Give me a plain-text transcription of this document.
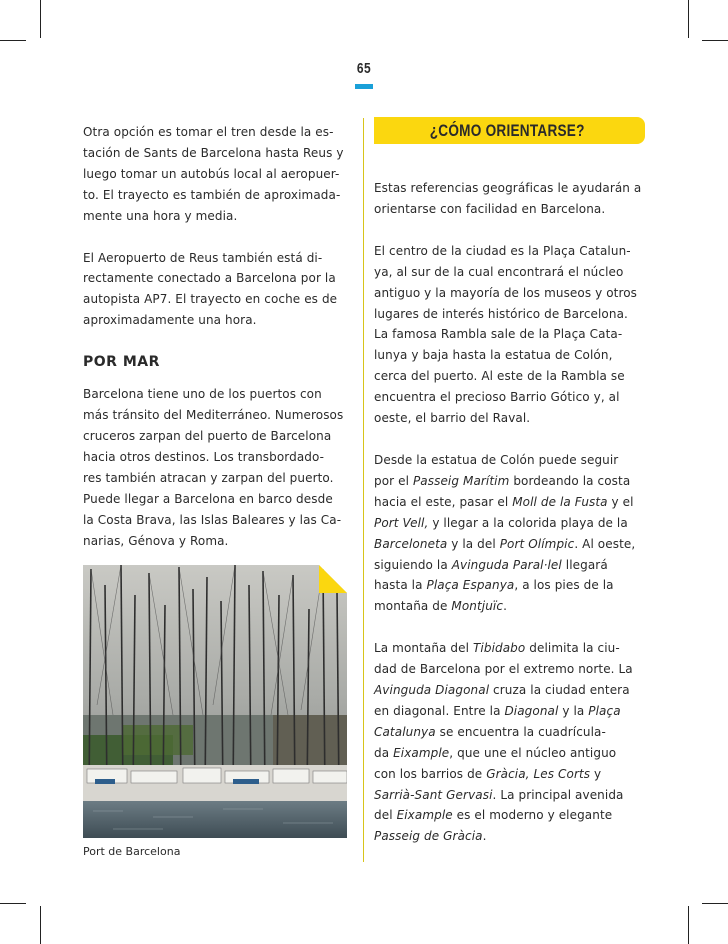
65

Otra opción es tomar el tren desde la es-
tación de Sants de Barcelona hasta Reus y
luego tomar un autobús local al aeropuer-
to. El trayecto es también de aproximada-
mente una hora y media.

El Aeropuerto de Reus también está di-
rectamente conectado a Barcelona por la
autopista AP7. El trayecto en coche es de
aproximadamente una hora.

POR MAR

Barcelona tiene uno de los puertos con
más tránsito del Mediterráneo. Numerosos
cruceros zarpan del puerto de Barcelona
hacia otros destinos. Los transbordado-
res también atracan y zarpan del puerto.
Puede llegar a Barcelona en barco desde
la Costa Brava, las Islas Baleares y las Ca-
narias, Génova y Roma.

Port de Barcelona
¿CÓMO ORIENTARSE?

Estas referencias geográficas le ayudarán a
orientarse con facilidad en Barcelona.

El centro de la ciudad es la Plaça Catalun-
ya, al sur de la cual encontrará el núcleo
antiguo y la mayoría de los museos y otros
lugares de interés histórico de Barcelona.
La famosa Rambla sale de la Plaça Cata-
lunya y baja hasta la estatua de Colón,
cerca del puerto. Al este de la Rambla se
encuentra el precioso Barrio Gótico y, al
oeste, el barrio del Raval.

Desde la estatua de Colón puede seguir
por el Passeig Marítim bordeando la costa
hacia el este, pasar el Moll de la Fusta y el
Port Vell, y llegar a la colorida playa de la
Barceloneta y la del Port Olímpic. Al oeste,
siguiendo la Avinguda Paral·lel llegará
hasta la Plaça Espanya, a los pies de la
montaña de Montjuïc.

La montaña del Tibidabo delimita la ciu-
dad de Barcelona por el extremo norte. La
Avinguda Diagonal cruza la ciudad entera
en diagonal. Entre la Diagonal y la Plaça
Catalunya se encuentra la cuadrícula-
da Eixample, que une el núcleo antiguo
con los barrios de Gràcia, Les Corts y
Sarrià-Sant Gervasi. La principal avenida
del Eixample es el moderno y elegante
Passeig de Gràcia.
